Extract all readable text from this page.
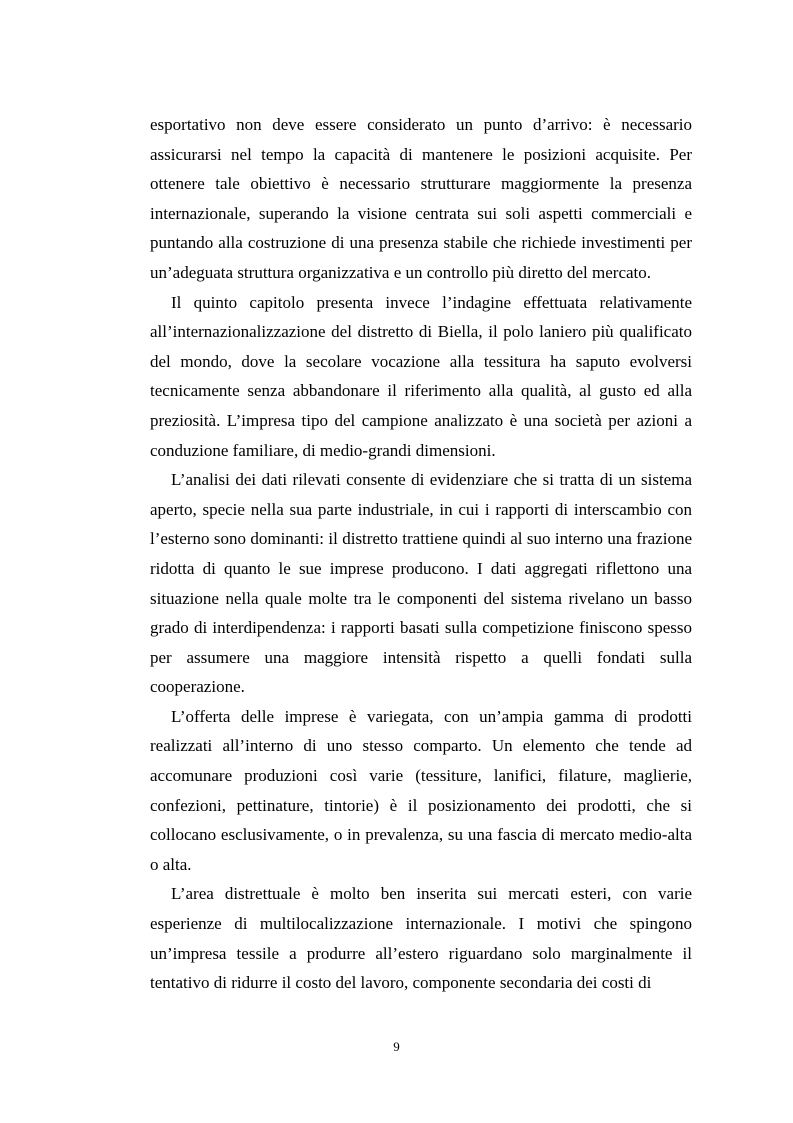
esportativo non deve essere considerato un punto d’arrivo: è necessario assicurarsi nel tempo la capacità di mantenere le posizioni acquisite. Per ottenere tale obiettivo è necessario strutturare maggiormente la presenza internazionale, superando la visione centrata sui soli aspetti commerciali e puntando alla costruzione di una presenza stabile che richiede investimenti per un’adeguata struttura organizzativa e un controllo più diretto del mercato.

Il quinto capitolo presenta invece l’indagine effettuata relativamente all’internazionalizzazione del distretto di Biella, il polo laniero più qualificato del mondo, dove la secolare vocazione alla tessitura ha saputo evolversi tecnicamente senza abbandonare il riferimento alla qualità, al gusto ed alla preziosità. L’impresa tipo del campione analizzato è una società per azioni a conduzione familiare, di medio-grandi dimensioni.

L’analisi dei dati rilevati consente di evidenziare che si tratta di un sistema aperto, specie nella sua parte industriale, in cui i rapporti di interscambio con l’esterno sono dominanti: il distretto trattiene quindi al suo interno una frazione ridotta di quanto le sue imprese producono. I dati aggregati riflettono una situazione nella quale molte tra le componenti del sistema rivelano un basso grado di interdipendenza: i rapporti basati sulla competizione finiscono spesso per assumere una maggiore intensità rispetto a quelli fondati sulla cooperazione.

L’offerta delle imprese è variegata, con un’ampia gamma di prodotti realizzati all’interno di uno stesso comparto. Un elemento che tende ad accomunare produzioni così varie (tessiture, lanifici, filature, maglierie, confezioni, pettinature, tintorie) è il posizionamento dei prodotti, che si collocano esclusivamente, o in prevalenza, su una fascia di mercato medio-alta o alta.

L’area distrettuale è molto ben inserita sui mercati esteri, con varie esperienze di multilocalizzazione internazionale. I motivi che spingono un’impresa tessile a produrre all’estero riguardano solo marginalmente il tentativo di ridurre il costo del lavoro, componente secondaria dei costi di

9
